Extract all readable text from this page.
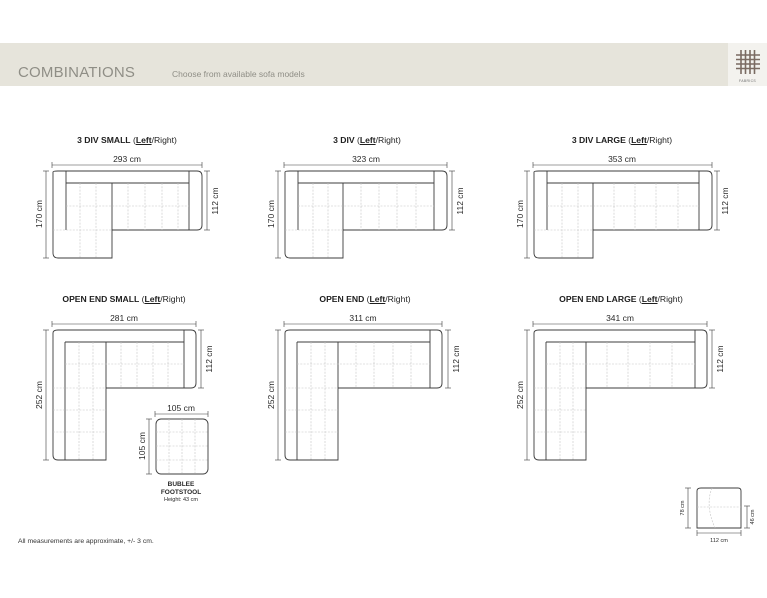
COMBINATIONS	Choose from available sofa models
FABRICS
3 DIV SMALL (Left/Right)	3 DIV (Left/Right)	3 DIV LARGE (Left/Right)
OPEN END SMALL (Left/Right)	OPEN END (Left/Right)	OPEN END LARGE (Left/Right)
293 cm
170 cm	112 cm
323 cm
170 cm	112 cm
353 cm
170 cm	112 cm
281 cm
252 cm
112 cm
311 cm
252 cm
112 cm
341 cm
252 cm
112 cm
105 cm
105 cm
78 cm
46 cm
112 cm
BUBLEE
FOOTSTOOL
Height: 43 cm
All measurements are approximate, +/- 3 cm.
